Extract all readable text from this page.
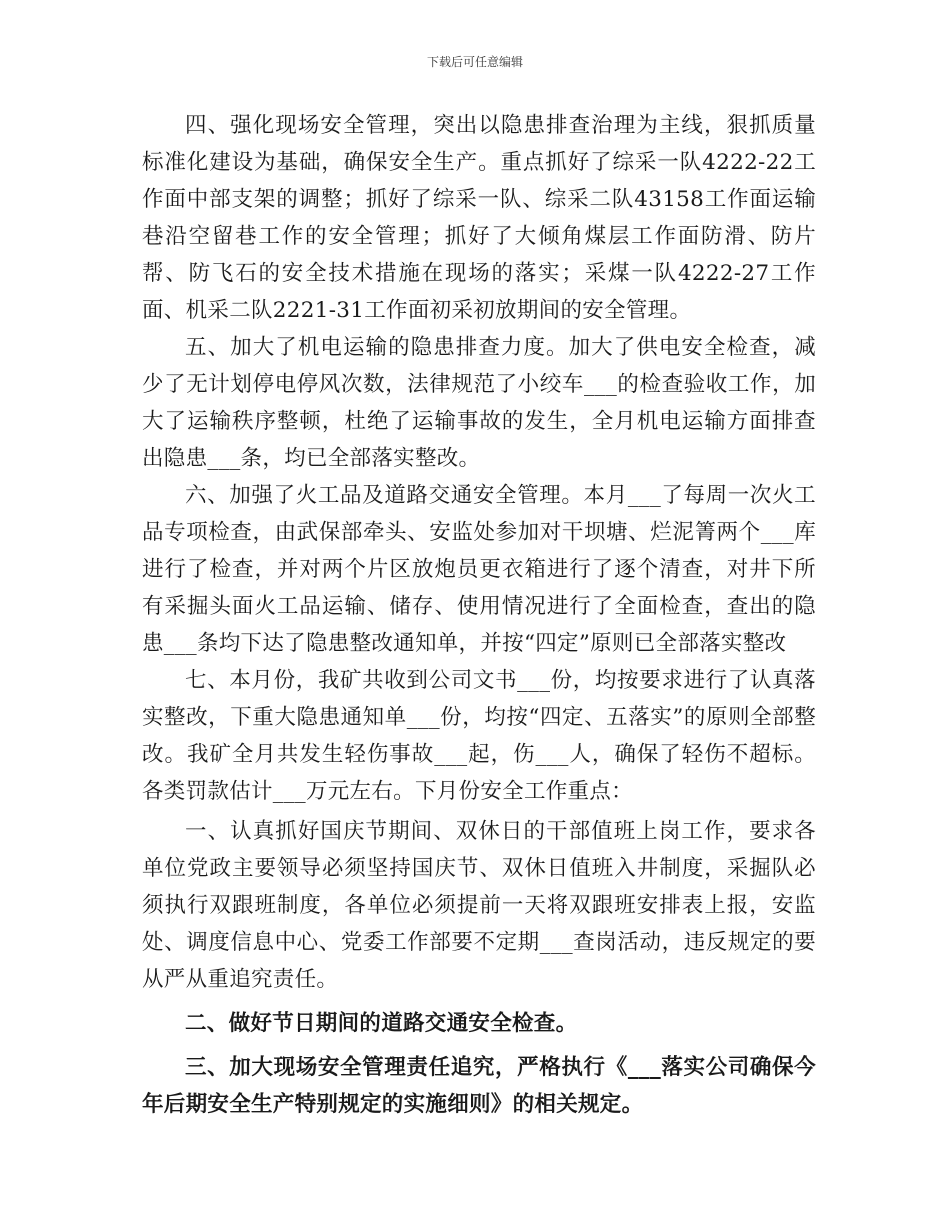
下载后可任意编辑

四、强化现场安全管理，突出以隐患排查治理为主线，狠抓质量标准化建设为基础，确保安全生产。重点抓好了综采一队4222-22工作面中部支架的调整；抓好了综采一队、综采二队43158工作面运输巷沿空留巷工作的安全管理；抓好了大倾角煤层工作面防滑、防片帮、防飞石的安全技术措施在现场的落实；采煤一队4222-27工作面、机采二队2221-31工作面初采初放期间的安全管理。

五、加大了机电运输的隐患排查力度。加大了供电安全检查，减少了无计划停电停风次数，法律规范了小绞车___的检查验收工作，加大了运输秩序整顿，杜绝了运输事故的发生，全月机电运输方面排查出隐患___条，均已全部落实整改。

六、加强了火工品及道路交通安全管理。本月___了每周一次火工品专项检查，由武保部牵头、安监处参加对干坝塘、烂泥箐两个___库进行了检查，并对两个片区放炮员更衣箱进行了逐个清查，对井下所有采掘头面火工品运输、储存、使用情况进行了全面检查，查出的隐患___条均下达了隐患整改通知单，并按“四定”原则已全部落实整改

七、本月份，我矿共收到公司文书___份，均按要求进行了认真落实整改，下重大隐患通知单___份，均按“四定、五落实”的原则全部整改。我矿全月共发生轻伤事故___起，伤___人，确保了轻伤不超标。各类罚款估计___万元左右。下月份安全工作重点：

一、认真抓好国庆节期间、双休日的干部值班上岗工作，要求各单位党政主要领导必须坚持国庆节、双休日值班入井制度，采掘队必须执行双跟班制度，各单位必须提前一天将双跟班安排表上报，安监处、调度信息中心、党委工作部要不定期___查岗活动，违反规定的要从严从重追究责任。

二、做好节日期间的道路交通安全检查。

三、加大现场安全管理责任追究，严格执行《___落实公司确保今年后期安全生产特别规定的实施细则》的相关规定。
